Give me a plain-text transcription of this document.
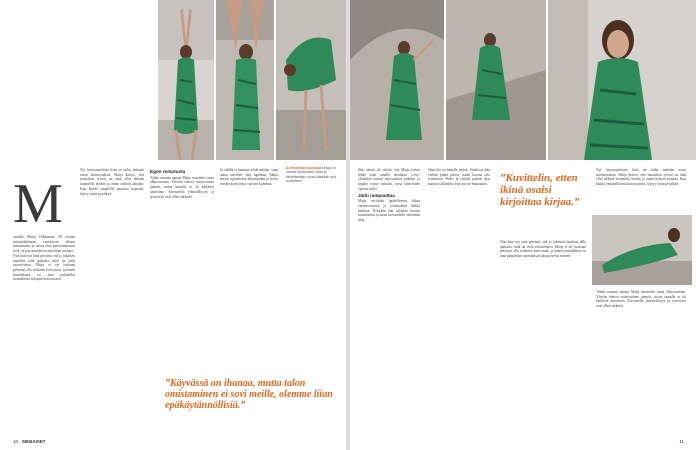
M
uusikko Maija Vilkkumaa, 38, otettaa valaattilauluaan vuotuisista alkaen tunnettuuksi ja raivaa tilaa puistoittamassa rock- ja pop-musiikissa taiteilijan asemaa.
Niin kuin nyt tänä päivänä, että jo jokaisen tapahtuu tällä paikasta, mitä on vielä saavutettava. Maija ei ole koskaan pelännyt olla erilainen kuin muut, ja hänen musiikkinsa on aina puhutellut suomalaisia sukupolvesta toiseen.
Nyt luovuuspäiväni lisää on tullut mukaan uusia ulottuvuuksia. Maija kertoo, että muusikon työssä on aina ollut tärkeää kuunnella itseään ja omaa sisäistä ääntään. Kun kaikki ympärillä muuttuu nopeasti, täytyy osata pysähtyä.
Egon romutusta
Tähän samaan tapaan Maija muistelee omia alkuvuosiaan. Yleisön edessä esiintyminen jännitti, mutta samalla se oli kaikkein antoisinta. Kiertueella yhteisöllisyys ja työtoverit ovat olleet tärkeitä.
Ja välillä ei kannata tehdä mitään, vaan antaa asioiden vain tapahtua. Maija kertoo oppineensa hiljaisuuden ja levon merkityksen vasta vuosien kuluessa.
Aiemmissa vuosissa Maija on valmis löytämään uutta ja kehittämään omaa ääntään yhä uudelleen.
”Käyvässä on ihanaa, mutta talon omistaminen ei sovi meille, olemme liian epäkäytännöllisiä.”
10 MENAISET
Heti alussa oli selvää, että Maija halusi tehdä asiat omalla tavallaan. Levy-yhtiöiden kanssa neuvoteltiin pitkään, ja lopulta syntyi ratkaisu, jossa taiteellinen vapaus säilyi.
Järki rampauttaa
Maija myöntää järkeilleensä liikaa varhaisvuosina ja yrittäneensä hallita kaikkea. Nykyään hän uskaltaa luottaa intuitioonsa ja antaa luovuudelle enemmän tilaa.
Oma tila on hänelle tärkeä. Studiossa hän viettää pitkiä päiviä, mutta kotona arki rauhoittuu. Perhe ja ystävät pitävät jalat maassa silloinkin, kun ura vie mukanaan.
”Kuvittelin, etten ikinä osaisi kirjoittaa kirjaa.”
Niin kuin nyt tänä päivänä, että jo jokaisen tapahtuu tällä paikasta, mitä on vielä saavutettava. Maija ei ole koskaan pelännyt olla erilainen kuin muut, ja hänen musiikkinsa on aina puhutellut suomalaisia sukupolvesta toiseen.
Nyt luovuuspäiväni lisää on tullut mukaan uusia ulottuvuuksia. Maija kertoo, että muusikon työssä on aina ollut tärkeää kuunnella itseään ja omaa sisäistä ääntään. Kun kaikki ympärillä muuttuu nopeasti, täytyy osata pysähtyä.
Tähän samaan tapaan Maija muistelee omia alkuvuosiaan. Yleisön edessä esiintyminen jännitti, mutta samalla se oli kaikkein antoisinta. Kiertueella yhteisöllisyys ja työtoverit ovat olleet tärkeitä.
11
